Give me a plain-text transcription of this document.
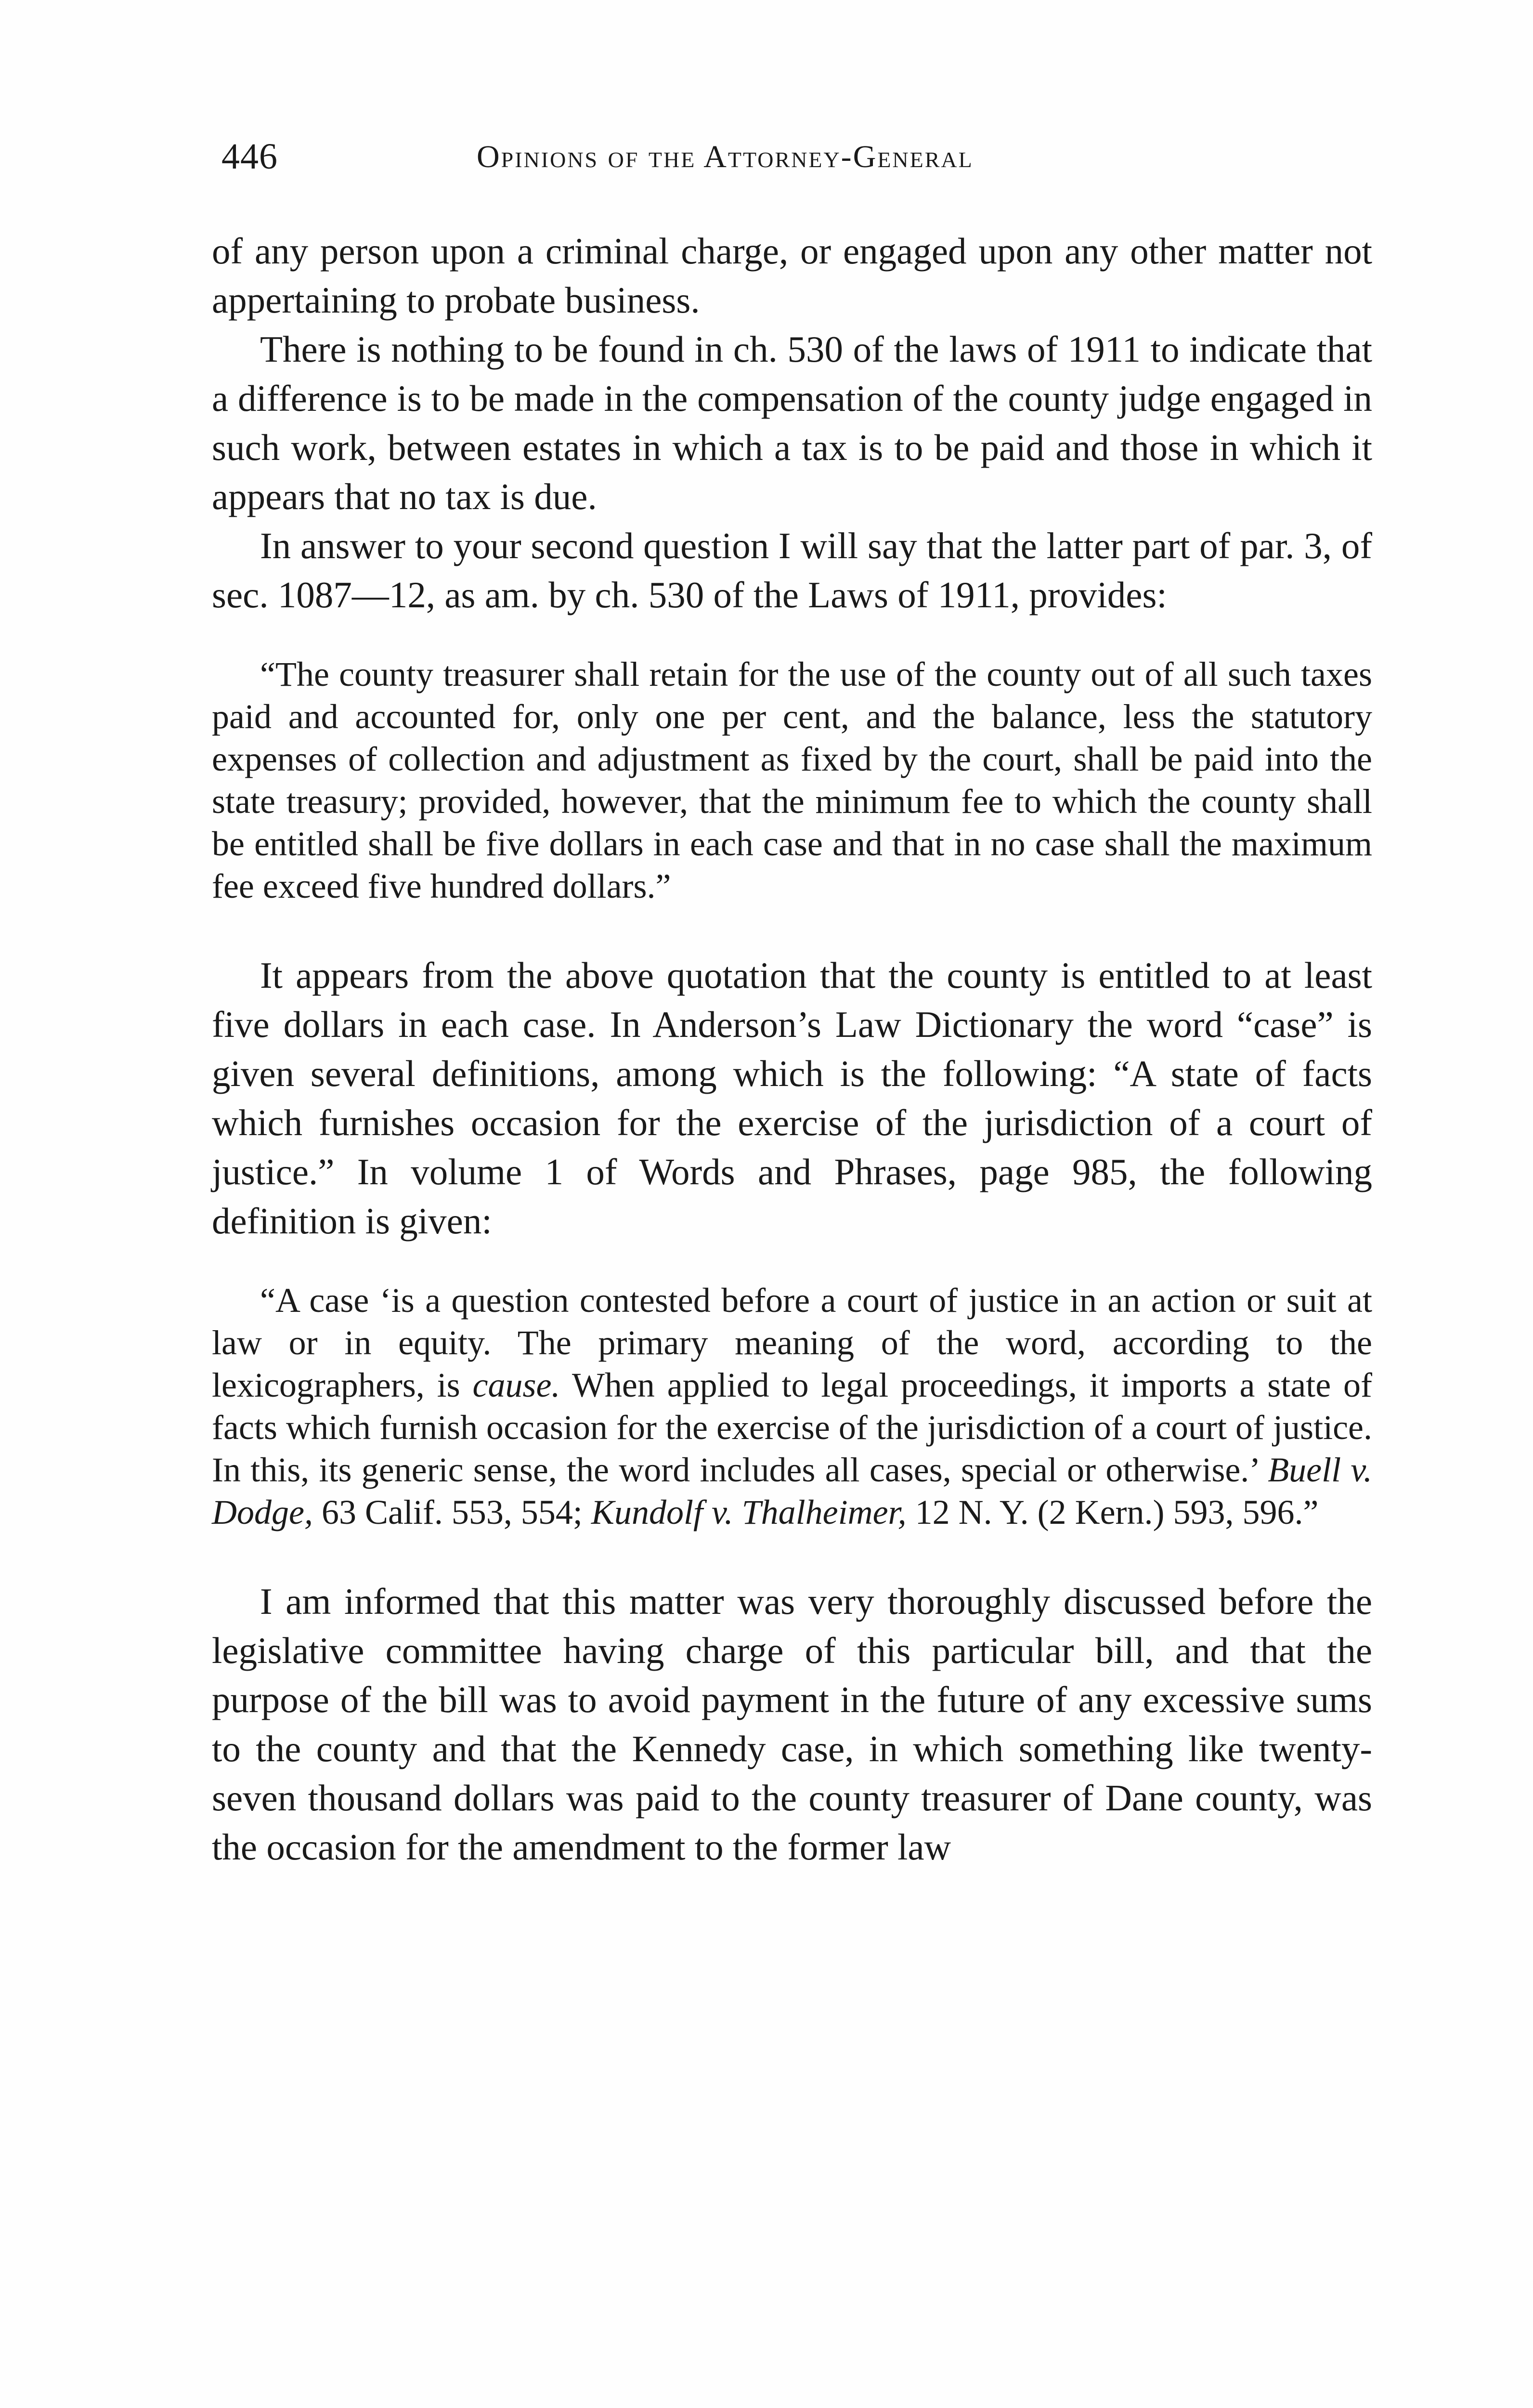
446	Opinions of the Attorney-General

of any person upon a criminal charge, or engaged upon any other matter not appertaining to probate business.

There is nothing to be found in ch. 530 of the laws of 1911 to indicate that a difference is to be made in the compensation of the county judge engaged in such work, between estates in which a tax is to be paid and those in which it appears that no tax is due.

In answer to your second question I will say that the latter part of par. 3, of sec. 1087—12, as am. by ch. 530 of the Laws of 1911, provides:

“The county treasurer shall retain for the use of the county out of all such taxes paid and accounted for, only one per cent, and the balance, less the statutory expenses of collection and adjustment as fixed by the court, shall be paid into the state treasury; provided, however, that the minimum fee to which the county shall be entitled shall be five dollars in each case and that in no case shall the maximum fee exceed five hundred dollars.”

It appears from the above quotation that the county is entitled to at least five dollars in each case. In Anderson’s Law Dictionary the word “case” is given several definitions, among which is the following: “A state of facts which furnishes occasion for the exercise of the jurisdiction of a court of justice.” In volume 1 of Words and Phrases, page 985, the following definition is given:

“A case ‘is a question contested before a court of justice in an action or suit at law or in equity. The primary meaning of the word, according to the lexicographers, is cause. When applied to legal proceedings, it imports a state of facts which furnish occasion for the exercise of the jurisdiction of a court of justice. In this, its generic sense, the word includes all cases, special or otherwise.’ Buell v. Dodge, 63 Calif. 553, 554; Kundolf v. Thalheimer, 12 N. Y. (2 Kern.) 593, 596.”

I am informed that this matter was very thoroughly discussed before the legislative committee having charge of this particular bill, and that the purpose of the bill was to avoid payment in the future of any excessive sums to the county and that the Kennedy case, in which something like twenty-seven thousand dollars was paid to the county treasurer of Dane county, was the occasion for the amendment to the former law
